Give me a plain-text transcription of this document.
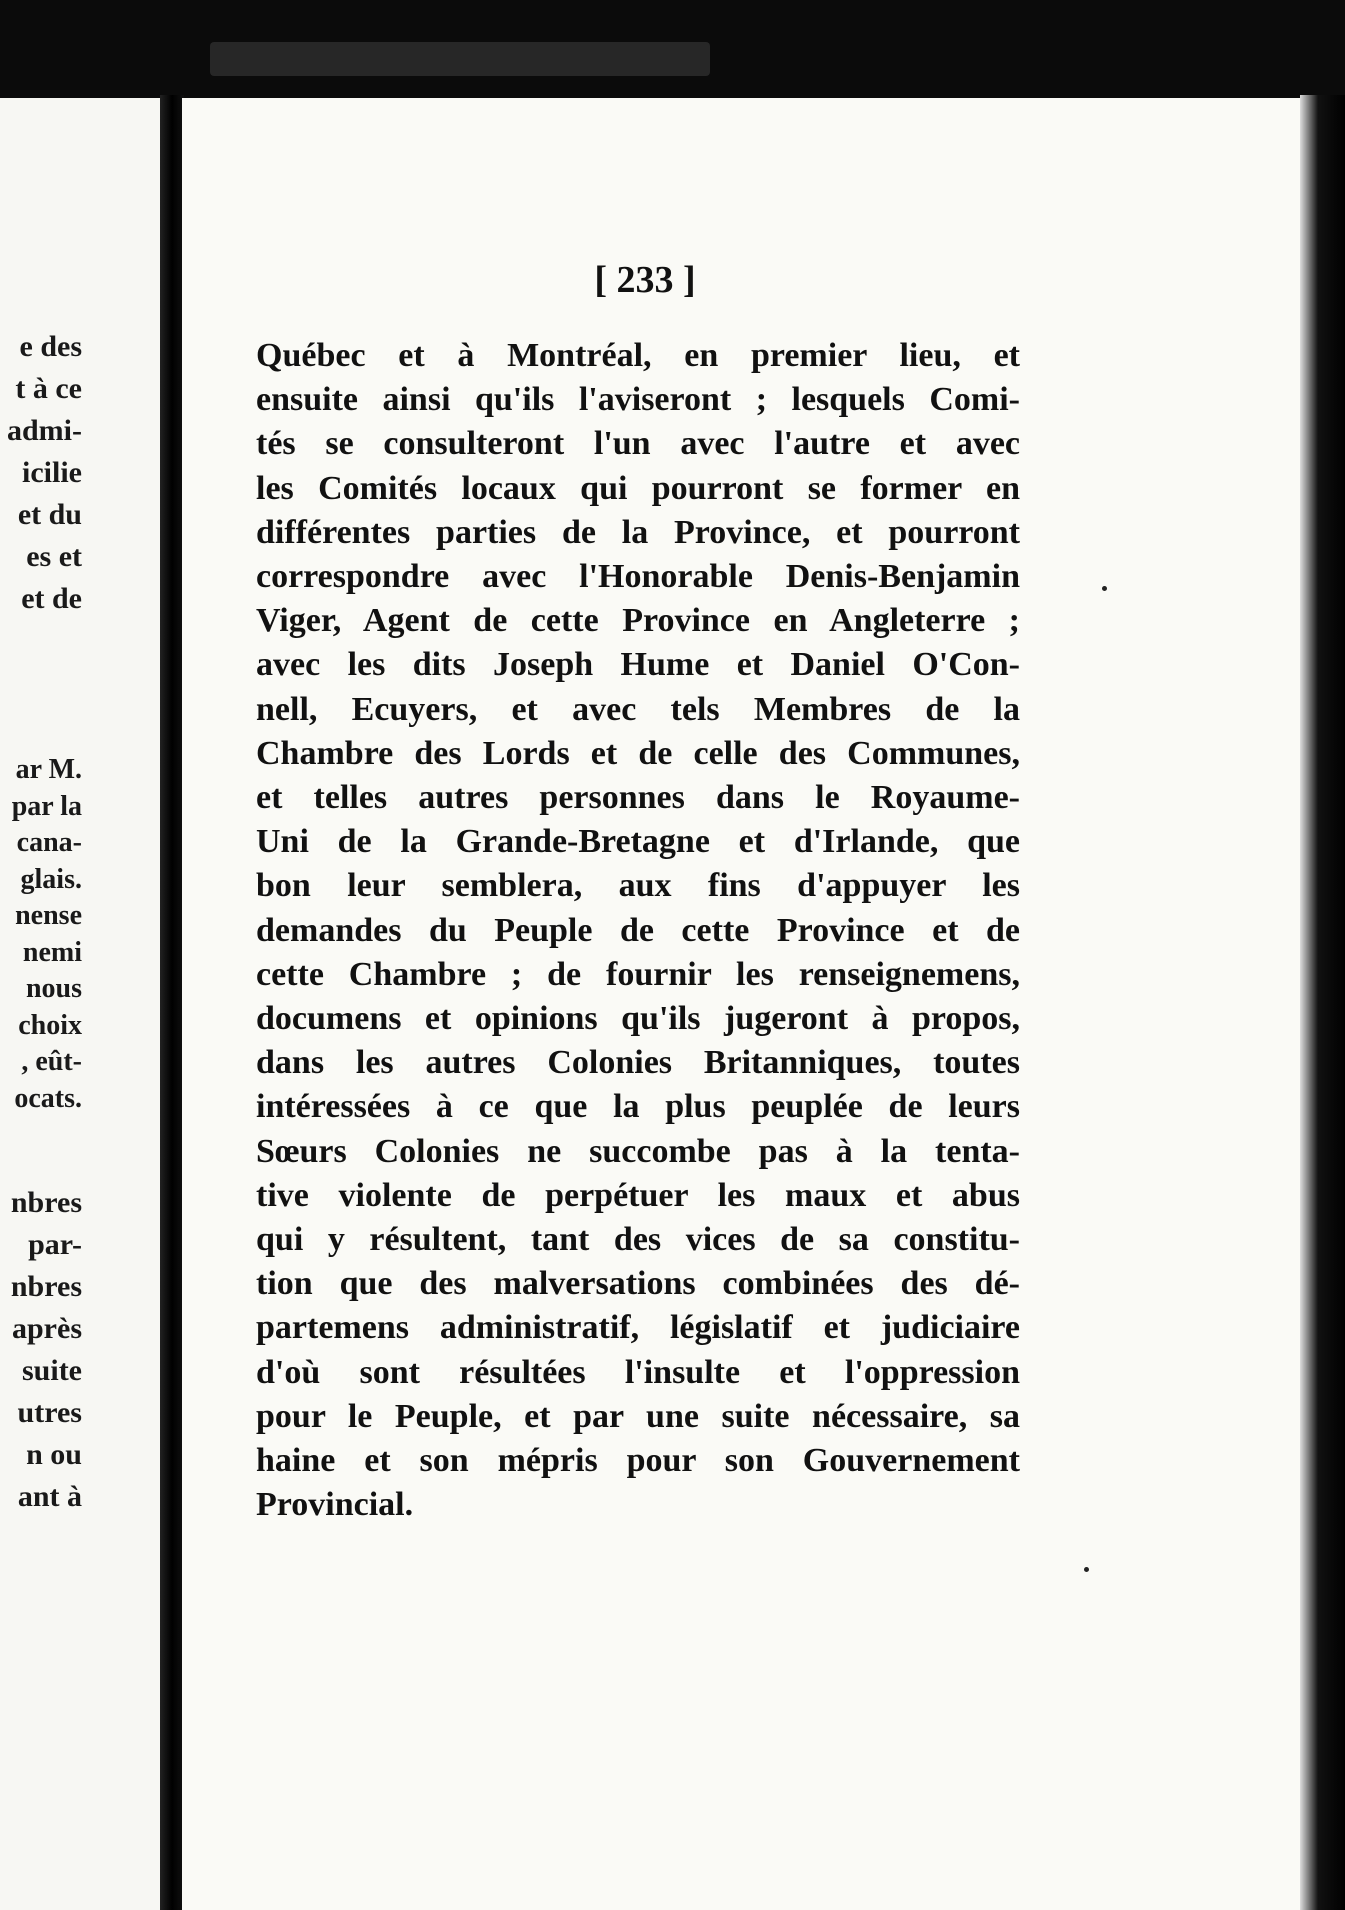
e des
t à ce
admi-
icilie
et du
es et
et de
ar M.
par la
cana-
glais.
nense
nemi
nous
choix
, eût-
ocats.
nbres
par-
nbres
après
suite
utres
n ou
ant à
[ 233 ]
Québec et à Montréal, en premier lieu, et
ensuite ainsi qu'ils l'aviseront ; lesquels Comi-
tés se consulteront l'un avec l'autre et avec
les Comités locaux qui pourront se former en
différentes parties de la Province, et pourront
correspondre avec l'Honorable Denis-Benjamin
Viger, Agent de cette Province en Angleterre ;
avec les dits Joseph Hume et Daniel O'Con-
nell, Ecuyers, et avec tels Membres de la
Chambre des Lords et de celle des Communes,
et telles autres personnes dans le Royaume-
Uni de la Grande-Bretagne et d'Irlande, que
bon leur semblera, aux fins d'appuyer les
demandes du Peuple de cette Province et de
cette Chambre ; de fournir les renseignemens,
documens et opinions qu'ils jugeront à propos,
dans les autres Colonies Britanniques, toutes
intéressées à ce que la plus peuplée de leurs
Sœurs Colonies ne succombe pas à la tenta-
tive violente de perpétuer les maux et abus
qui y résultent, tant des vices de sa constitu-
tion que des malversations combinées des dé-
partemens administratif, législatif et judiciaire
d'où sont résultées l'insulte et l'oppression
pour le Peuple, et par une suite nécessaire, sa
haine et son mépris pour son Gouvernement
Provincial.
